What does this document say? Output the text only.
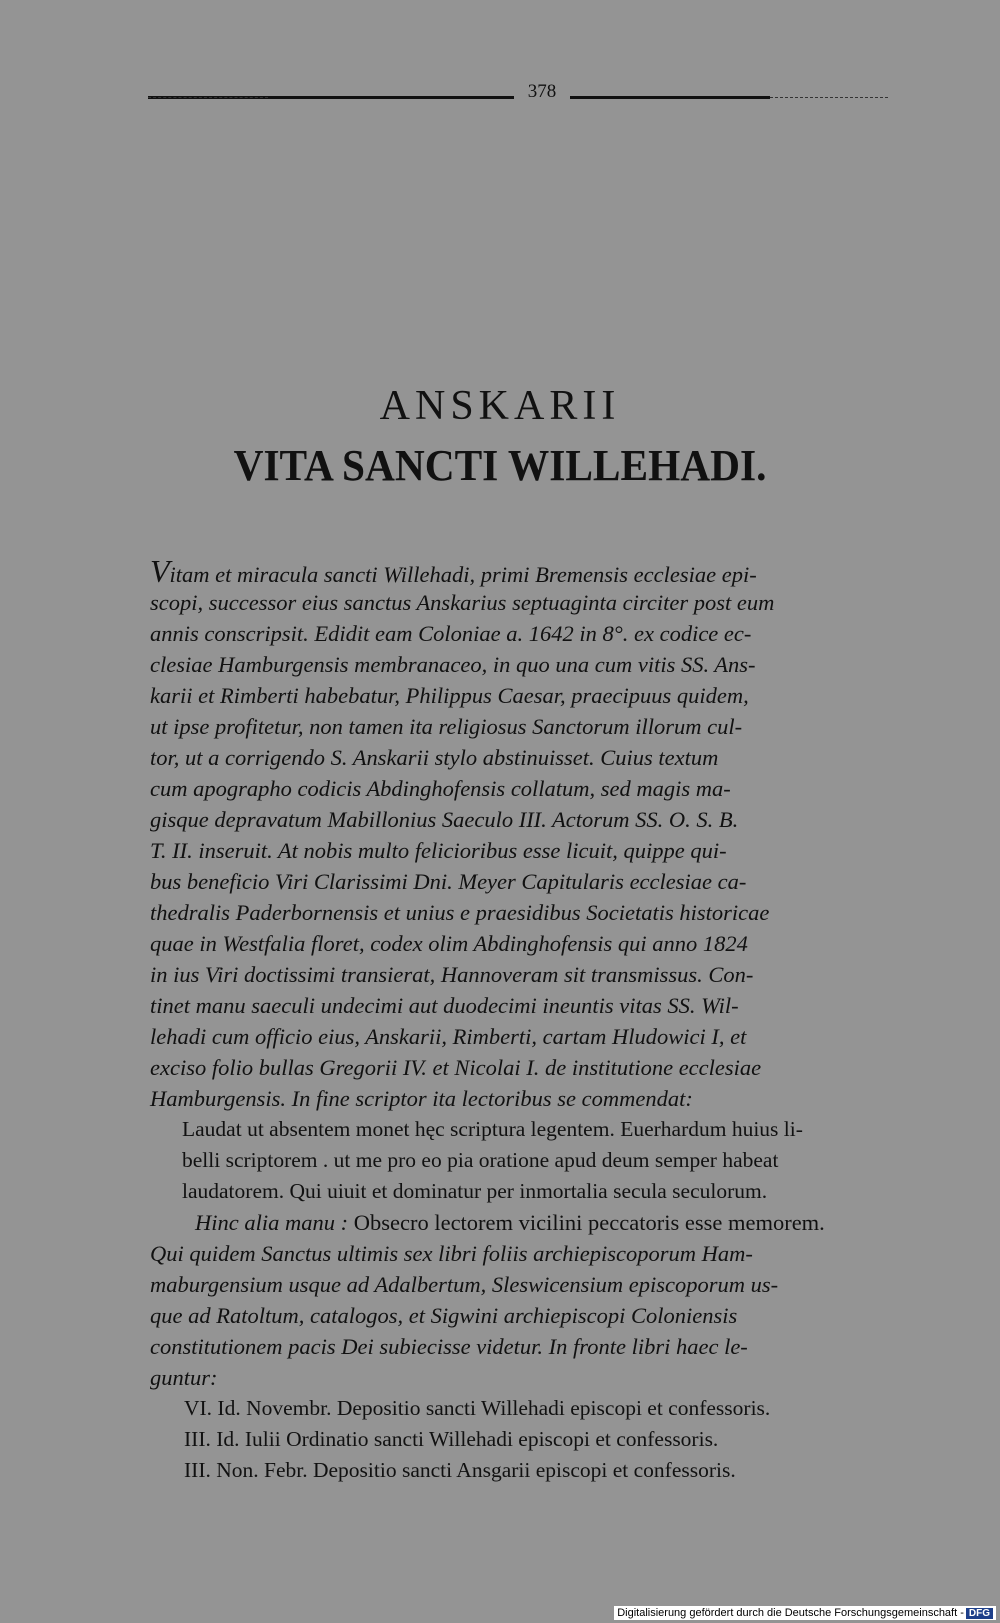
378
ANSKARII
VITA SANCTI WILLEHADI.
Vitam et miracula sancti Willehadi, primi Bremensis ecclesiae epi-
scopi, successor eius sanctus Anskarius septuaginta circiter post eum
annis conscripsit. Edidit eam Coloniae a. 1642 in 8°. ex codice ec-
clesiae Hamburgensis membranaceo, in quo una cum vitis SS. Ans-
karii et Rimberti habebatur, Philippus Caesar, praecipuus quidem,
ut ipse profitetur, non tamen ita religiosus Sanctorum illorum cul-
tor, ut a corrigendo S. Anskarii stylo abstinuisset. Cuius textum
cum apographo codicis Abdinghofensis collatum, sed magis ma-
gisque depravatum Mabillonius Saeculo III. Actorum SS. O. S. B.
T. II. inseruit. At nobis multo felicioribus esse licuit, quippe qui-
bus beneficio Viri Clarissimi Dni. Meyer Capitularis ecclesiae ca-
thedralis Paderbornensis et unius e praesidibus Societatis historicae
quae in Westfalia floret, codex olim Abdinghofensis qui anno 1824
in ius Viri doctissimi transierat, Hannoveram sit transmissus. Con-
tinet manu saeculi undecimi aut duodecimi ineuntis vitas SS. Wil-
lehadi cum officio eius, Anskarii, Rimberti, cartam Hludowici I, et
exciso folio bullas Gregorii IV. et Nicolai I. de institutione ecclesiae
Hamburgensis. In fine scriptor ita lectoribus se commendat:
Laudat ut absentem monet hęc scriptura legentem. Euerhardum huius li-
belli scriptorem . ut me pro eo pia oratione apud deum semper habeat
laudatorem. Qui uiuit et dominatur per inmortalia secula seculorum.
Hinc alia manu : Obsecro lectorem vicilini peccatoris esse memorem.
Qui quidem Sanctus ultimis sex libri foliis archiepiscoporum Ham-
maburgensium usque ad Adalbertum, Sleswicensium episcoporum us-
que ad Ratoltum, catalogos, et Sigwini archiepiscopi Coloniensis
constitutionem pacis Dei subiecisse videtur. In fronte libri haec le-
guntur:
VI. Id. Novembr. Depositio sancti Willehadi episcopi et confessoris.
III. Id. Iulii Ordinatio sancti Willehadi episcopi et confessoris.
III. Non. Febr. Depositio sancti Ansgarii episcopi et confessoris.
Digitalisierung gefördert durch die Deutsche Forschungsgemeinschaft - DFG
